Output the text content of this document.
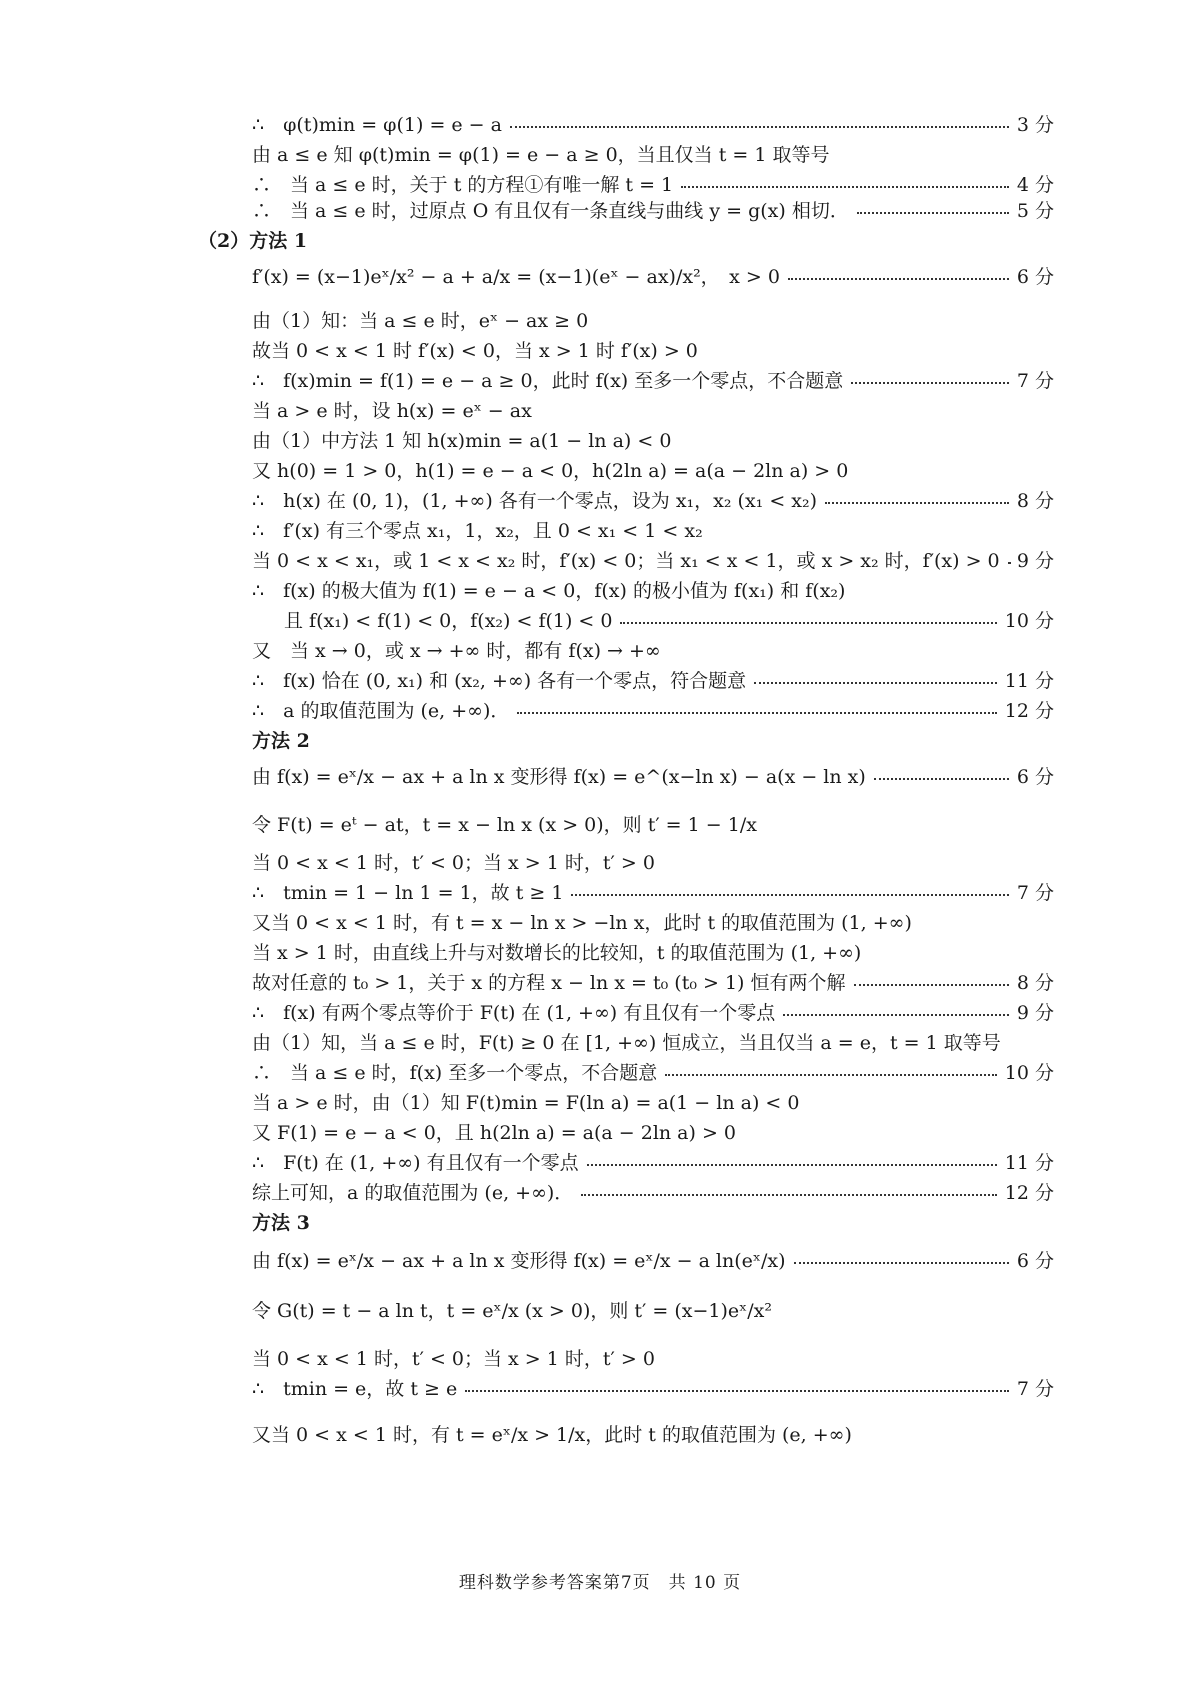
∴　φ(t)min = φ(1) = e − a	3 分
由 a ≤ e 知 φ(t)min = φ(1) = e − a ≥ 0，当且仅当 t = 1 取等号
∴　当 a ≤ e 时，关于 t 的方程①有唯一解 t = 1	4 分
∴　当 a ≤ e 时，过原点 O 有且仅有一条直线与曲线 y = g(x) 相切．	5 分
（2）方法 1
f′(x) = (x−1)eˣ/x² − a + a/x = (x−1)(eˣ − ax)/x²，　x > 0	6 分
由（1）知：当 a ≤ e 时，eˣ − ax ≥ 0
故当 0 < x < 1 时 f′(x) < 0，当 x > 1 时 f′(x) > 0
∴　f(x)min = f(1) = e − a ≥ 0，此时 f(x) 至多一个零点，不合题意	7 分
当 a > e 时，设 h(x) = eˣ − ax
由（1）中方法 1 知 h(x)min = a(1 − ln a) < 0
又 h(0) = 1 > 0，h(1) = e − a < 0，h(2ln a) = a(a − 2ln a) > 0
∴　h(x) 在 (0, 1)，(1, +∞) 各有一个零点，设为 x₁，x₂ (x₁ < x₂)	8 分
∴　f′(x) 有三个零点 x₁，1，x₂，且 0 < x₁ < 1 < x₂
当 0 < x < x₁，或 1 < x < x₂ 时，f′(x) < 0；当 x₁ < x < 1，或 x > x₂ 时，f′(x) > 0 9 分
∴　f(x) 的极大值为 f(1) = e − a < 0，f(x) 的极小值为 f(x₁) 和 f(x₂)
且 f(x₁) < f(1) < 0，f(x₂) < f(1) < 0	10 分
又　当 x → 0，或 x → +∞ 时，都有 f(x) → +∞
∴　f(x) 恰在 (0, x₁) 和 (x₂, +∞) 各有一个零点，符合题意	11 分
∴　a 的取值范围为 (e, +∞)．	12 分
方法 2
由 f(x) = eˣ/x − ax + a ln x 变形得 f(x) = e^(x−ln x) − a(x − ln x)	6 分
令 F(t) = eᵗ − at，t = x − ln x (x > 0)，则 t′ = 1 − 1/x
当 0 < x < 1 时，t′ < 0；当 x > 1 时，t′ > 0
∴　tmin = 1 − ln 1 = 1，故 t ≥ 1	7 分
又当 0 < x < 1 时，有 t = x − ln x > −ln x，此时 t 的取值范围为 (1, +∞)
当 x > 1 时，由直线上升与对数增长的比较知，t 的取值范围为 (1, +∞)
故对任意的 t₀ > 1，关于 x 的方程 x − ln x = t₀ (t₀ > 1) 恒有两个解	8 分
∴　f(x) 有两个零点等价于 F(t) 在 (1, +∞) 有且仅有一个零点	9 分
由（1）知，当 a ≤ e 时，F(t) ≥ 0 在 [1, +∞) 恒成立，当且仅当 a = e，t = 1 取等号
∴　当 a ≤ e 时，f(x) 至多一个零点，不合题意	10 分
当 a > e 时，由（1）知 F(t)min = F(ln a) = a(1 − ln a) < 0
又 F(1) = e − a < 0，且 h(2ln a) = a(a − 2ln a) > 0
∴　F(t) 在 (1, +∞) 有且仅有一个零点	11 分
综上可知，a 的取值范围为 (e, +∞)．	12 分
方法 3
由 f(x) = eˣ/x − ax + a ln x 变形得 f(x) = eˣ/x − a ln(eˣ/x)	6 分
令 G(t) = t − a ln t，t = eˣ/x (x > 0)，则 t′ = (x−1)eˣ/x²
当 0 < x < 1 时，t′ < 0；当 x > 1 时，t′ > 0
∴　tmin = e，故 t ≥ e	7 分
又当 0 < x < 1 时，有 t = eˣ/x > 1/x，此时 t 的取值范围为 (e, +∞)
理科数学参考答案第7页　共 10 页
